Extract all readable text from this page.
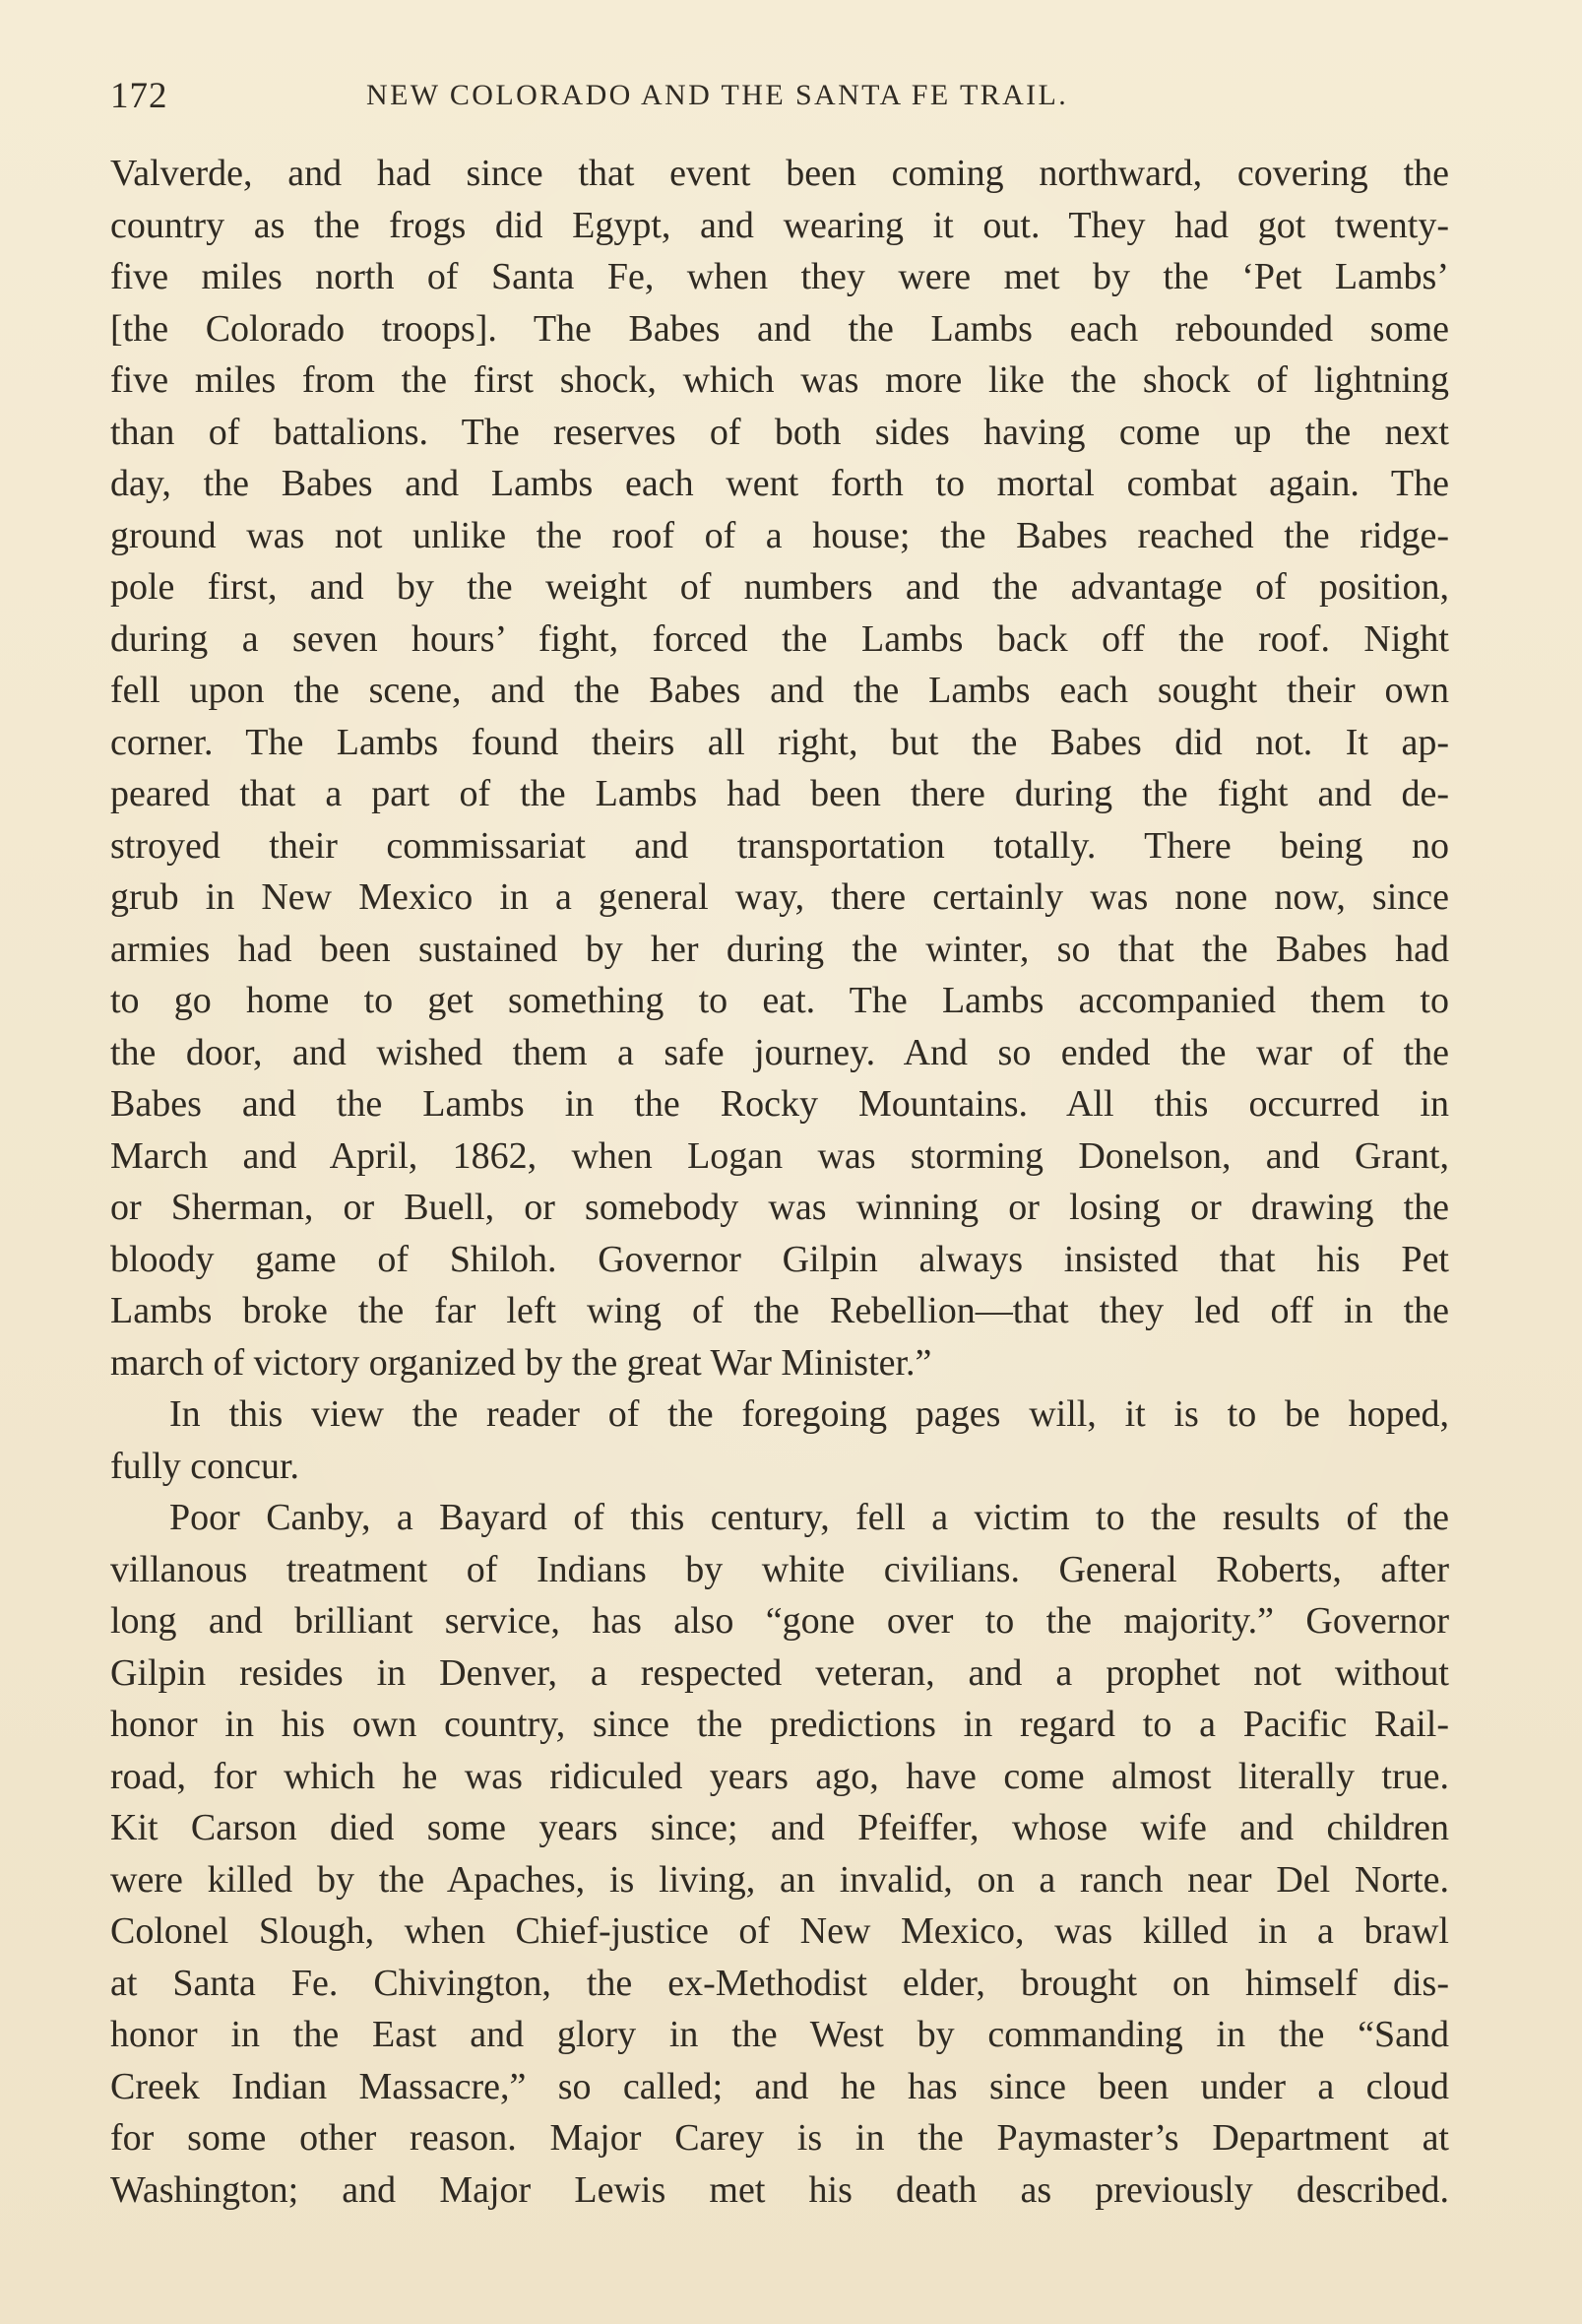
172	NEW COLORADO AND THE SANTA FE TRAIL.
Valverde, and had since that event been coming northward, covering the
country as the frogs did Egypt, and wearing it out. They had got twenty-
five miles north of Santa Fe, when they were met by the ‘Pet Lambs’
[the Colorado troops]. The Babes and the Lambs each rebounded some
five miles from the first shock, which was more like the shock of lightning
than of battalions. The reserves of both sides having come up the next
day, the Babes and Lambs each went forth to mortal combat again. The
ground was not unlike the roof of a house; the Babes reached the ridge-
pole first, and by the weight of numbers and the advantage of position,
during a seven hours’ fight, forced the Lambs back off the roof. Night
fell upon the scene, and the Babes and the Lambs each sought their own
corner. The Lambs found theirs all right, but the Babes did not. It ap-
peared that a part of the Lambs had been there during the fight and de-
stroyed their commissariat and transportation totally. There being no
grub in New Mexico in a general way, there certainly was none now, since
armies had been sustained by her during the winter, so that the Babes had
to go home to get something to eat. The Lambs accompanied them to
the door, and wished them a safe journey. And so ended the war of the
Babes and the Lambs in the Rocky Mountains. All this occurred in
March and April, 1862, when Logan was storming Donelson, and Grant,
or Sherman, or Buell, or somebody was winning or losing or drawing the
bloody game of Shiloh. Governor Gilpin always insisted that his Pet
Lambs broke the far left wing of the Rebellion—that they led off in the
march of victory organized by the great War Minister.”
In this view the reader of the foregoing pages will, it is to be hoped,
fully concur.
Poor Canby, a Bayard of this century, fell a victim to the results of the
villanous treatment of Indians by white civilians. General Roberts, after
long and brilliant service, has also “gone over to the majority.” Governor
Gilpin resides in Denver, a respected veteran, and a prophet not without
honor in his own country, since the predictions in regard to a Pacific Rail-
road, for which he was ridiculed years ago, have come almost literally true.
Kit Carson died some years since; and Pfeiffer, whose wife and children
were killed by the Apaches, is living, an invalid, on a ranch near Del Norte.
Colonel Slough, when Chief-justice of New Mexico, was killed in a brawl
at Santa Fe. Chivington, the ex-Methodist elder, brought on himself dis-
honor in the East and glory in the West by commanding in the “Sand
Creek Indian Massacre,” so called; and he has since been under a cloud
for some other reason. Major Carey is in the Paymaster’s Department at
Washington; and Major Lewis met his death as previously described.
